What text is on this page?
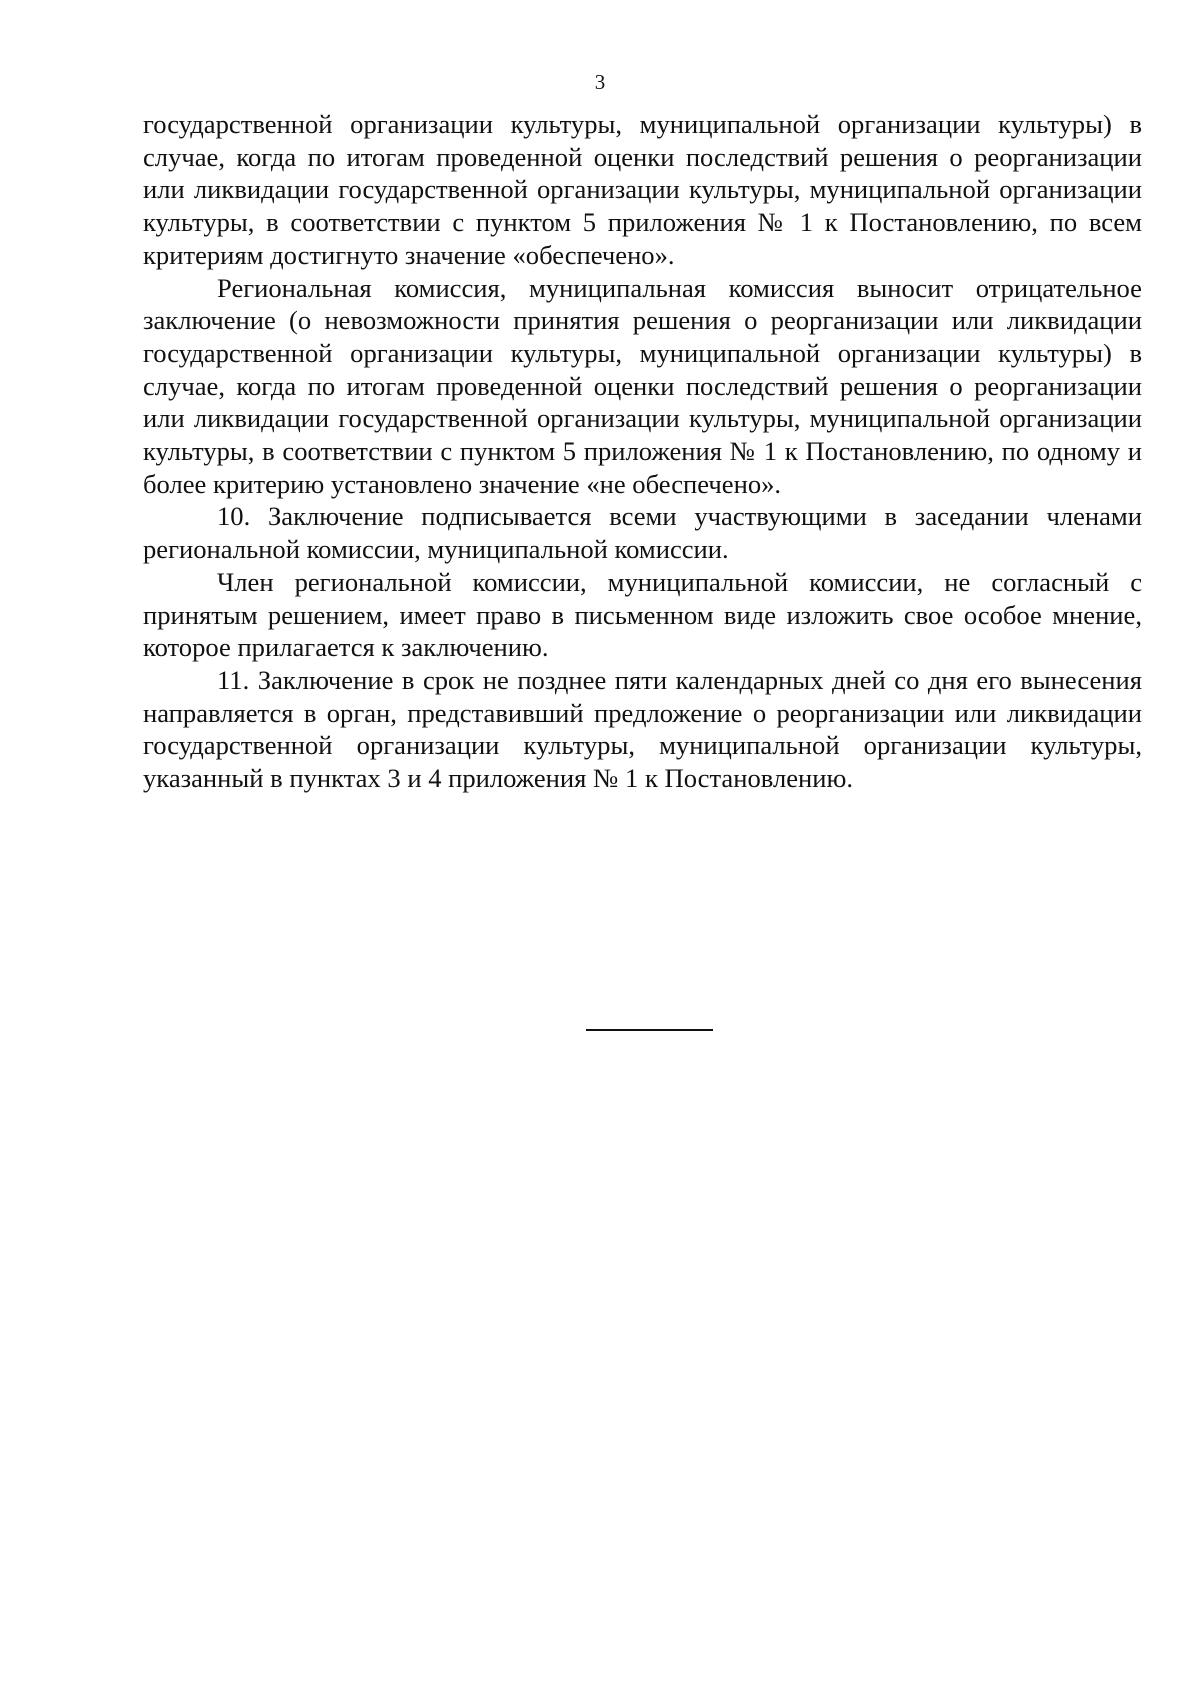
3

государственной организации культуры, муниципальной организации культуры) в случае, когда по итогам проведенной оценки последствий решения о реорганизации или ликвидации государственной организации культуры, муниципальной организации культуры, в соответствии с пунктом 5 приложения № 1 к Постановлению, по всем критериям достигнуто значение «обеспечено».

Региональная комиссия, муниципальная комиссия выносит отрицательное заключение (о невозможности принятия решения о реорганизации или ликвидации государственной организации культуры, муниципальной организации культуры) в случае, когда по итогам проведенной оценки последствий решения о реорганизации или ликвидации государственной организации культуры, муниципальной организации культуры, в соответствии с пунктом 5 приложения № 1 к Постановлению, по одному и более критерию установлено значение «не обеспечено».

10. Заключение подписывается всеми участвующими в заседании членами региональной комиссии, муниципальной комиссии.

Член региональной комиссии, муниципальной комиссии, не согласный с принятым решением, имеет право в письменном виде изложить свое особое мнение, которое прилагается к заключению.

11. Заключение в срок не позднее пяти календарных дней со дня его вынесения направляется в орган, представивший предложение о реорганизации или ликвидации государственной организации культуры, муниципальной организации культуры, указанный в пунктах 3 и 4 приложения № 1 к Постановлению.
